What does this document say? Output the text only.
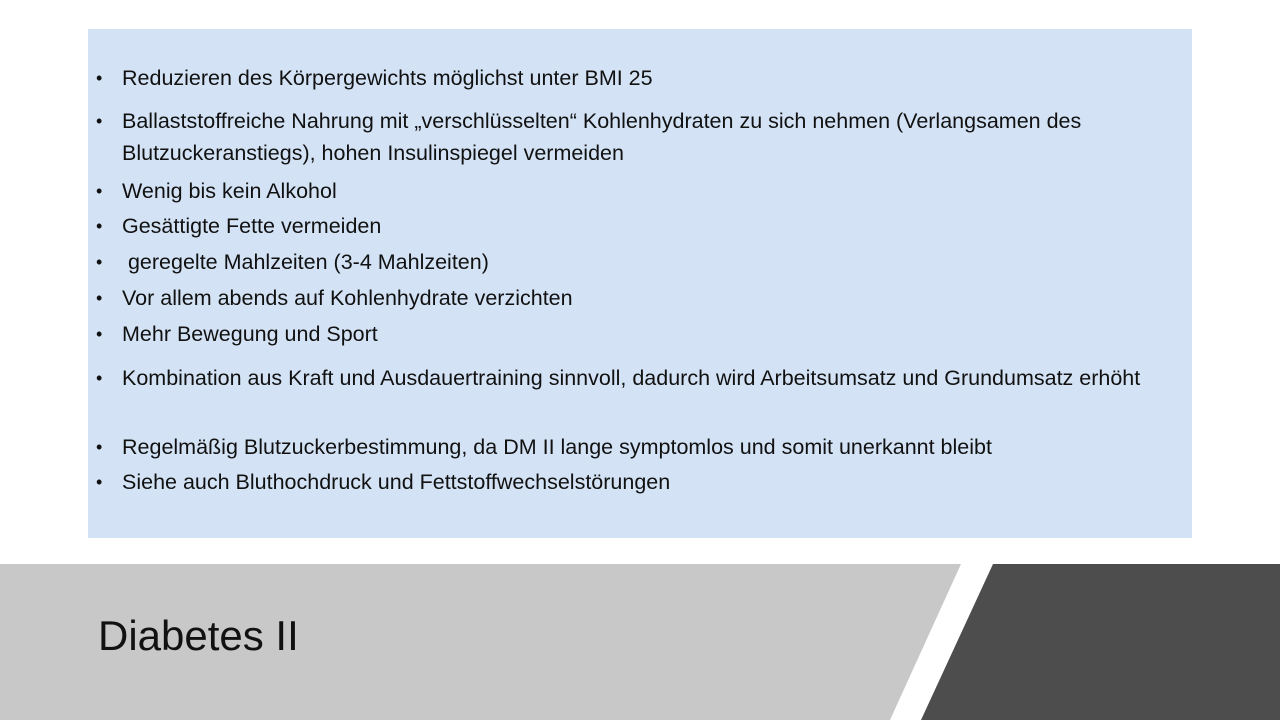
• Reduzieren des Körpergewichts möglichst unter BMI 25
• Ballaststoffreiche Nahrung mit „verschlüsselten“ Kohlenhydraten zu sich nehmen (Verlangsamen des Blutzuckeranstiegs), hohen Insulinspiegel vermeiden
• Wenig bis kein Alkohol
• Gesättigte Fette vermeiden
• geregelte Mahlzeiten (3-4 Mahlzeiten)
• Vor allem abends auf Kohlenhydrate verzichten
• Mehr Bewegung und Sport
• Kombination aus Kraft und Ausdauertraining sinnvoll, dadurch wird Arbeitsumsatz und Grundumsatz erhöht
• Regelmäßig Blutzuckerbestimmung, da DM II lange symptomlos und somit unerkannt bleibt
• Siehe auch Bluthochdruck und Fettstoffwechselstörungen
Diabetes II
